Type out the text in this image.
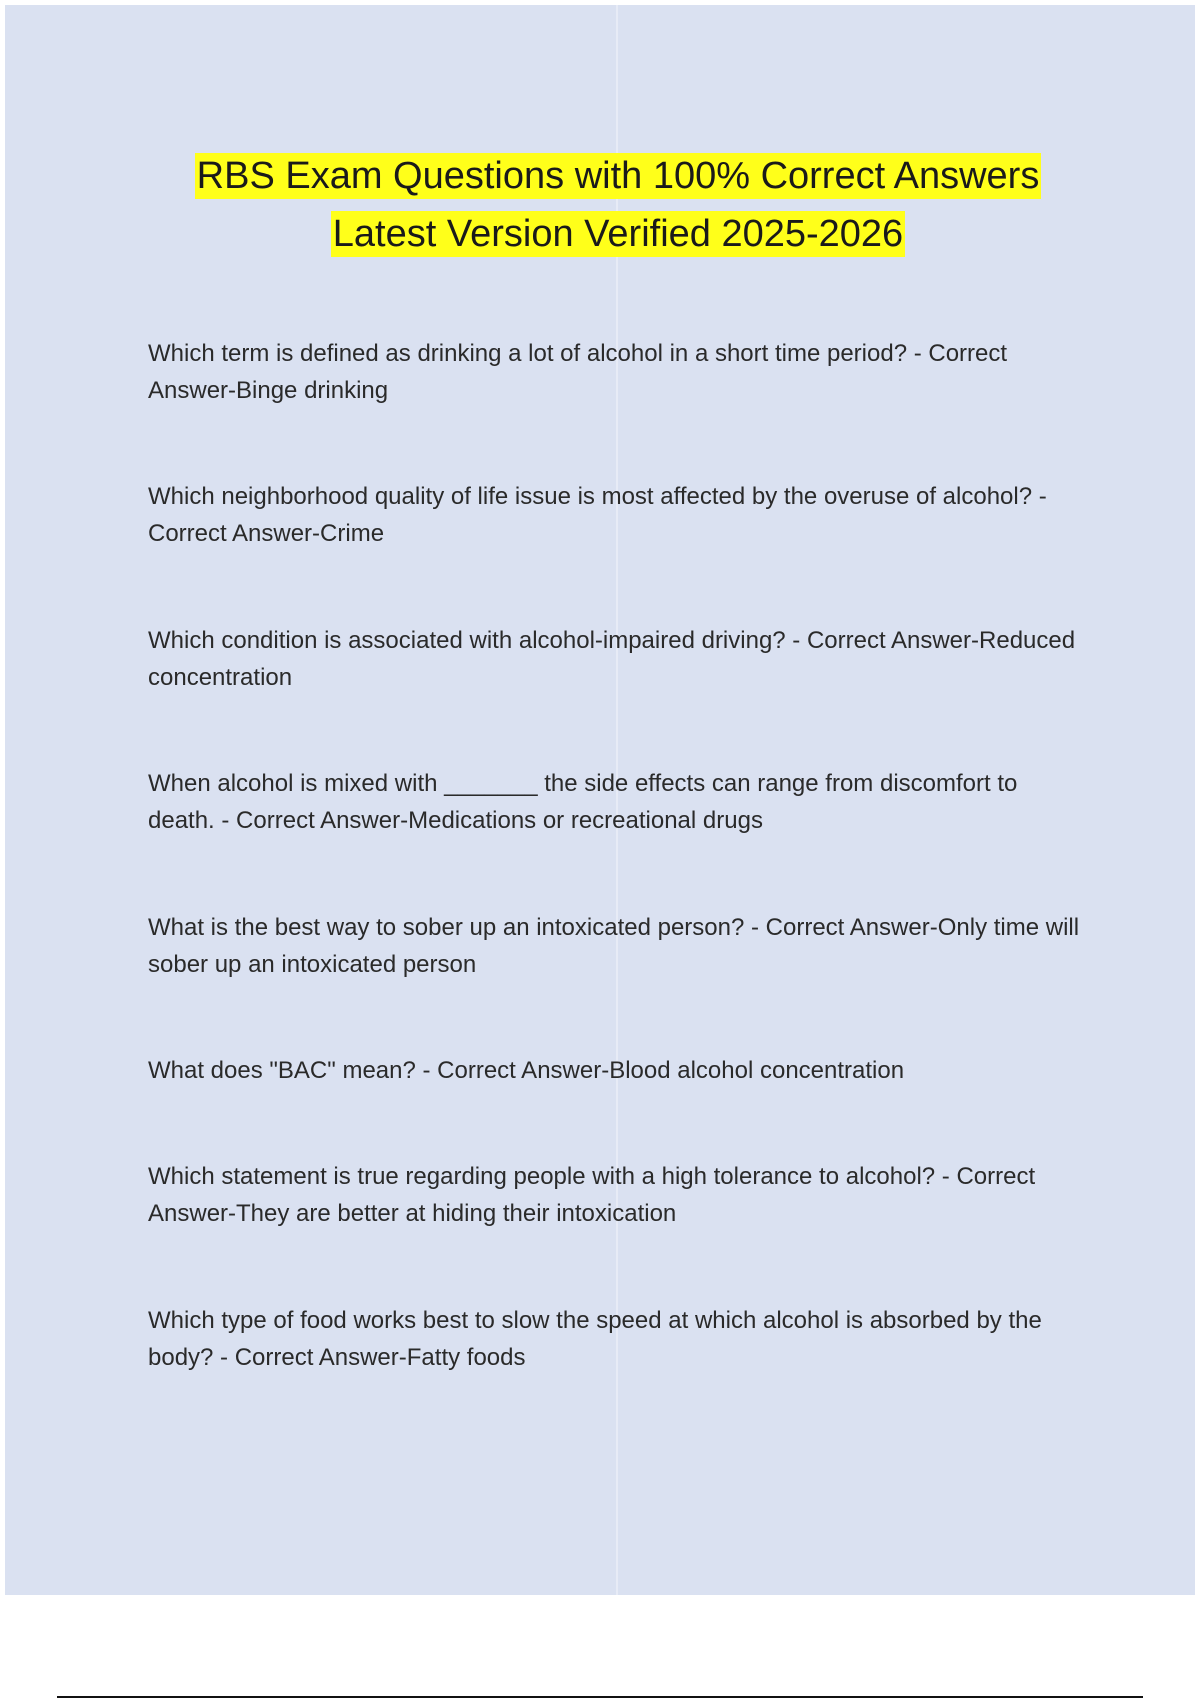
RBS Exam Questions with 100% Correct Answers
Latest Version Verified 2025-2026
Which term is defined as drinking a lot of alcohol in a short time period? - Correct Answer-Binge drinking
Which neighborhood quality of life issue is most affected by the overuse of alcohol? - Correct Answer-Crime
Which condition is associated with alcohol-impaired driving? - Correct Answer-Reduced concentration
When alcohol is mixed with _______ the side effects can range from discomfort to death. - Correct Answer-Medications or recreational drugs
What is the best way to sober up an intoxicated person? - Correct Answer-Only time will sober up an intoxicated person
What does "BAC" mean? - Correct Answer-Blood alcohol concentration
Which statement is true regarding people with a high tolerance to alcohol? - Correct Answer-They are better at hiding their intoxication
Which type of food works best to slow the speed at which alcohol is absorbed by the body? - Correct Answer-Fatty foods
